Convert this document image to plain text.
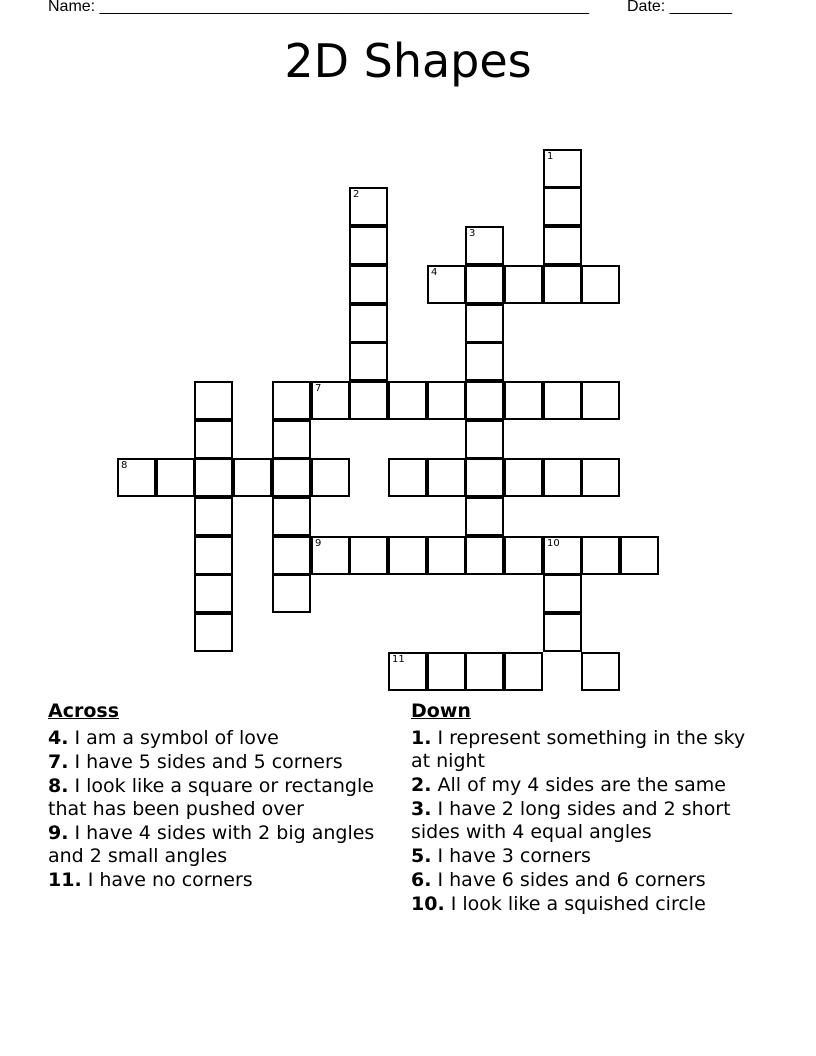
Name: _______________________________________________________ Date: _______
2D Shapes
1
2
3
4
7
8
9	10
11
Across
4. I am a symbol of love
7. I have 5 sides and 5 corners
8. I look like a square or rectangle that has been pushed over
9. I have 4 sides with 2 big angles and 2 small angles
11. I have no corners
Down
1. I represent something in the sky at night
2. All of my 4 sides are the same
3. I have 2 long sides and 2 short sides with 4 equal angles
5. I have 3 corners
6. I have 6 sides and 6 corners
10. I look like a squished circle
